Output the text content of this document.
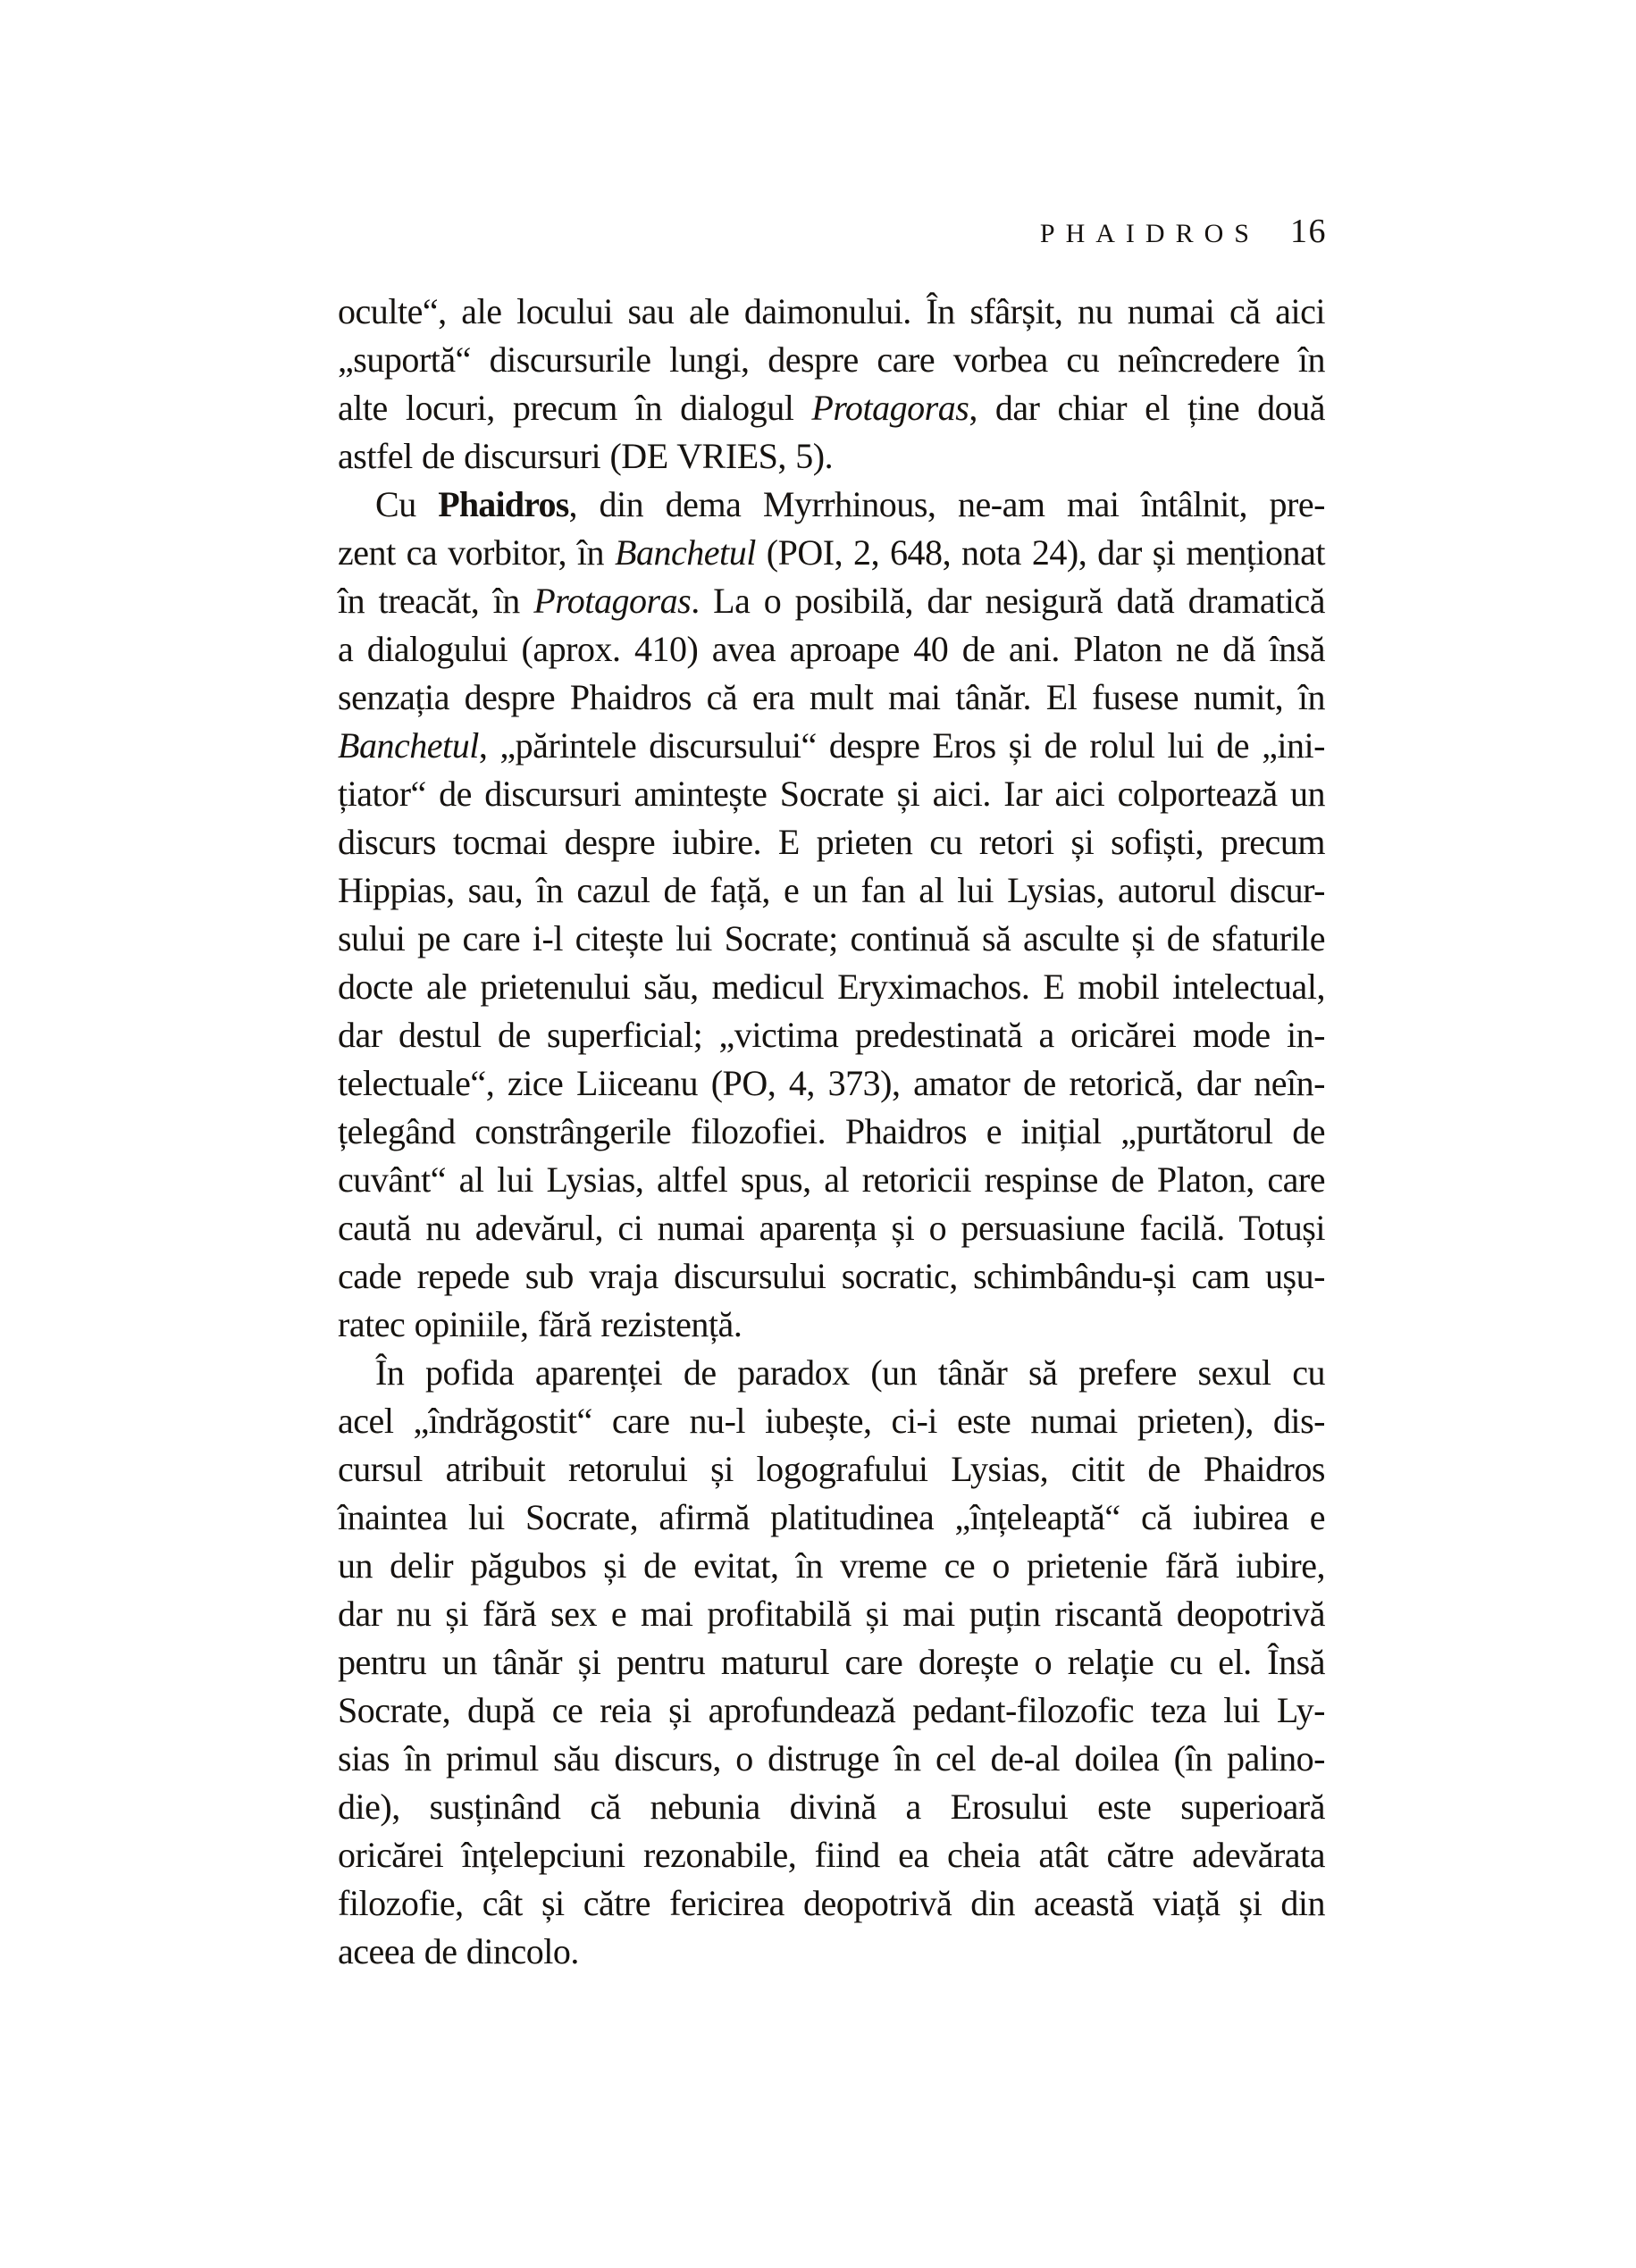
PHAIDROS 16
oculte“, ale locului sau ale daimonului. În sfârșit, nu numai că aici
„suportă“ discursurile lungi, despre care vorbea cu neîncredere în
alte locuri, precum în dialogul Protagoras, dar chiar el ține două
astfel de discursuri (DE VRIES, 5).
Cu Phaidros, din dema Myrrhinous, ne-am mai întâlnit, pre-
zent ca vorbitor, în Banchetul (POI, 2, 648, nota 24), dar și menționat
în treacăt, în Protagoras. La o posibilă, dar nesigură dată dramatică
a dialogului (aprox. 410) avea aproape 40 de ani. Platon ne dă însă
senzația despre Phaidros că era mult mai tânăr. El fusese numit, în
Banchetul, „părintele discursului“ despre Eros și de rolul lui de „ini-
țiator“ de discursuri amintește Socrate și aici. Iar aici colportează un
discurs tocmai despre iubire. E prieten cu retori și sofiști, precum
Hippias, sau, în cazul de față, e un fan al lui Lysias, autorul discur-
sului pe care i-l citește lui Socrate; continuă să asculte și de sfaturile
docte ale prietenului său, medicul Eryximachos. E mobil intelectual,
dar destul de superficial; „victima predestinată a oricărei mode in-
telectuale“, zice Liiceanu (PO, 4, 373), amator de retorică, dar neîn-
țelegând constrângerile filozofiei. Phaidros e inițial „purtătorul de
cuvânt“ al lui Lysias, altfel spus, al retoricii respinse de Platon, care
caută nu adevărul, ci numai aparența și o persuasiune facilă. Totuși
cade repede sub vraja discursului socratic, schimbându-și cam ușu-
ratec opiniile, fără rezistență.
În pofida aparenței de paradox (un tânăr să prefere sexul cu
acel „îndrăgostit“ care nu-l iubește, ci-i este numai prieten), dis-
cursul atribuit retorului și logografului Lysias, citit de Phaidros
înaintea lui Socrate, afirmă platitudinea „înțeleaptă“ că iubirea e
un delir păgubos și de evitat, în vreme ce o prietenie fără iubire,
dar nu și fără sex e mai profitabilă și mai puțin riscantă deopotrivă
pentru un tânăr și pentru maturul care dorește o relație cu el. Însă
Socrate, după ce reia și aprofundează pedant-filozofic teza lui Ly-
sias în primul său discurs, o distruge în cel de-al doilea (în palino-
die), susținând că nebunia divină a Erosului este superioară
oricărei înțelepciuni rezonabile, fiind ea cheia atât către adevărata
filozofie, cât și către fericirea deopotrivă din această viață și din
aceea de dincolo.
